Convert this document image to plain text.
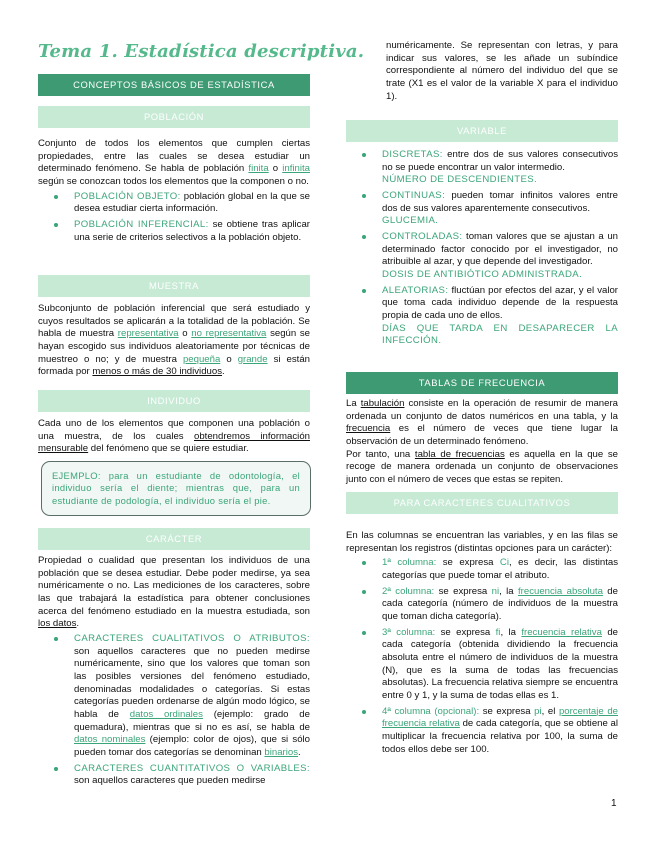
Tema 1. Estadística descriptiva.
CONCEPTOS BÁSICOS DE ESTADÍSTICA
POBLACIÓN
Conjunto de todos los elementos que cumplen ciertas propiedades, entre las cuales se desea estudiar un determinado fenómeno. Se habla de población finita o infinita según se conozcan todos los elementos que la componen o no.
POBLACIÓN OBJETO: población global en la que se desea estudiar cierta información.
POBLACIÓN INFERENCIAL: se obtiene tras aplicar una serie de criterios selectivos a la población objeto.
MUESTRA
Subconjunto de población inferencial que será estudiado y cuyos resultados se aplicarán a la totalidad de la población. Se habla de muestra representativa o no representativa según se hayan escogido sus individuos aleatoriamente por técnicas de muestreo o no; y de muestra pequeña o grande si están formada por menos o más de 30 individuos.
INDIVIDUO
Cada uno de los elementos que componen una población o una muestra, de los cuales obtendremos información mensurable del fenómeno que se quiere estudiar.
EJEMPLO: para un estudiante de odontología, el individuo sería el diente; mientras que, para un estudiante de podología, el individuo sería el pie.
CARÁCTER
Propiedad o cualidad que presentan los individuos de una población que se desea estudiar. Debe poder medirse, ya sea numéricamente o no. Las mediciones de los caracteres, sobre las que trabajará la estadística para obtener conclusiones acerca del fenómeno estudiado en la muestra estudiada, son los datos.
CARACTERES CUALITATIVOS O ATRIBUTOS: son aquellos caracteres que no pueden medirse numéricamente, sino que los valores que toman son las posibles versiones del fenómeno estudiado, denominadas modalidades o categorías. Si estas categorías pueden ordenarse de algún modo lógico, se habla de datos ordinales (ejemplo: grado de quemadura), mientras que si no es así, se habla de datos nominales (ejemplo: color de ojos), que si sólo pueden tomar dos categorías se denominan binarios.
CARACTERES CUANTITATIVOS O VARIABLES: son aquellos caracteres que pueden medirse
numéricamente. Se representan con letras, y para indicar sus valores, se les añade un subíndice correspondiente al número del individuo del que se trate (X1 es el valor de la variable X para el individuo 1).
VARIABLE
DISCRETAS: entre dos de sus valores consecutivos no se puede encontrar un valor intermedio.
NÚMERO DE DESCENDIENTES.
CONTINUAS: pueden tomar infinitos valores entre dos de sus valores aparentemente consecutivos.
GLUCEMIA.
CONTROLADAS: toman valores que se ajustan a un determinado factor conocido por el investigador, no atribuible al azar, y que depende del investigador.
DOSIS DE ANTIBIÓTICO ADMINISTRADA.
ALEATORIAS: fluctúan por efectos del azar, y el valor que toma cada individuo depende de la respuesta propia de cada uno de ellos.
DÍAS QUE TARDA EN DESAPARECER LA INFECCIÓN.
TABLAS DE FRECUENCIA
La tabulación consiste en la operación de resumir de manera ordenada un conjunto de datos numéricos en una tabla, y la frecuencia es el número de veces que tiene lugar la observación de un determinado fenómeno.
Por tanto, una tabla de frecuencias es aquella en la que se recoge de manera ordenada un conjunto de observaciones junto con el número de veces que estas se repiten.
PARA CARACTERES CUALITATIVOS
En las columnas se encuentran las variables, y en las filas se representan los registros (distintas opciones para un carácter):
1ª columna: se expresa Ci, es decir, las distintas categorías que puede tomar el atributo.
2ª columna: se expresa ni, la frecuencia absoluta de cada categoría (número de individuos de la muestra que toman dicha categoría).
3ª columna: se expresa fi, la frecuencia relativa de cada categoría (obtenida dividiendo la frecuencia absoluta entre el número de individuos de la muestra (N), que es la suma de todas las frecuencias absolutas). La frecuencia relativa siempre se encuentra entre 0 y 1, y la suma de todas ellas es 1.
4ª columna (opcional): se expresa pi, el porcentaje de frecuencia relativa de cada categoría, que se obtiene al multiplicar la frecuencia relativa por 100, la suma de todos ellos debe ser 100.
1
